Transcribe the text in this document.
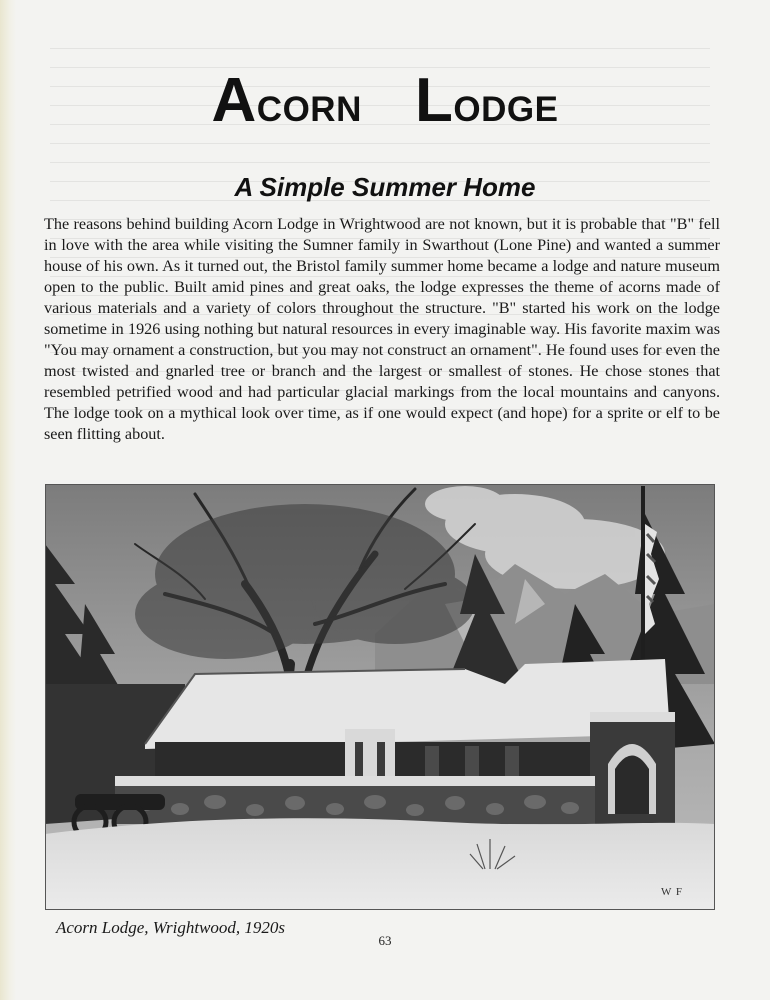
ACORN LODGE
A Simple Summer Home

The reasons behind building Acorn Lodge in Wrightwood are not known, but it is probable that "B" fell in love with the area while visiting the Sumner family in Swarthout (Lone Pine) and wanted a summer house of his own. As it turned out, the Bristol family summer home became a lodge and nature museum open to the public. Built amid pines and great oaks, the lodge expresses the theme of acorns made of various materials and a variety of colors throughout the structure. "B" started his work on the lodge sometime in 1926 using nothing but natural resources in every imaginable way. His favorite maxim was "You may ornament a construction, but you may not construct an ornament". He found uses for even the most twisted and gnarled tree or branch and the largest or smallest of stones. He chose stones that resembled petrified wood and had particular glacial markings from the local mountains and canyons. The lodge took on a mythical look over time, as if one would expect (and hope) for a sprite or elf to be seen flitting about.

W F

Acorn Lodge, Wrightwood, 1920s

63
